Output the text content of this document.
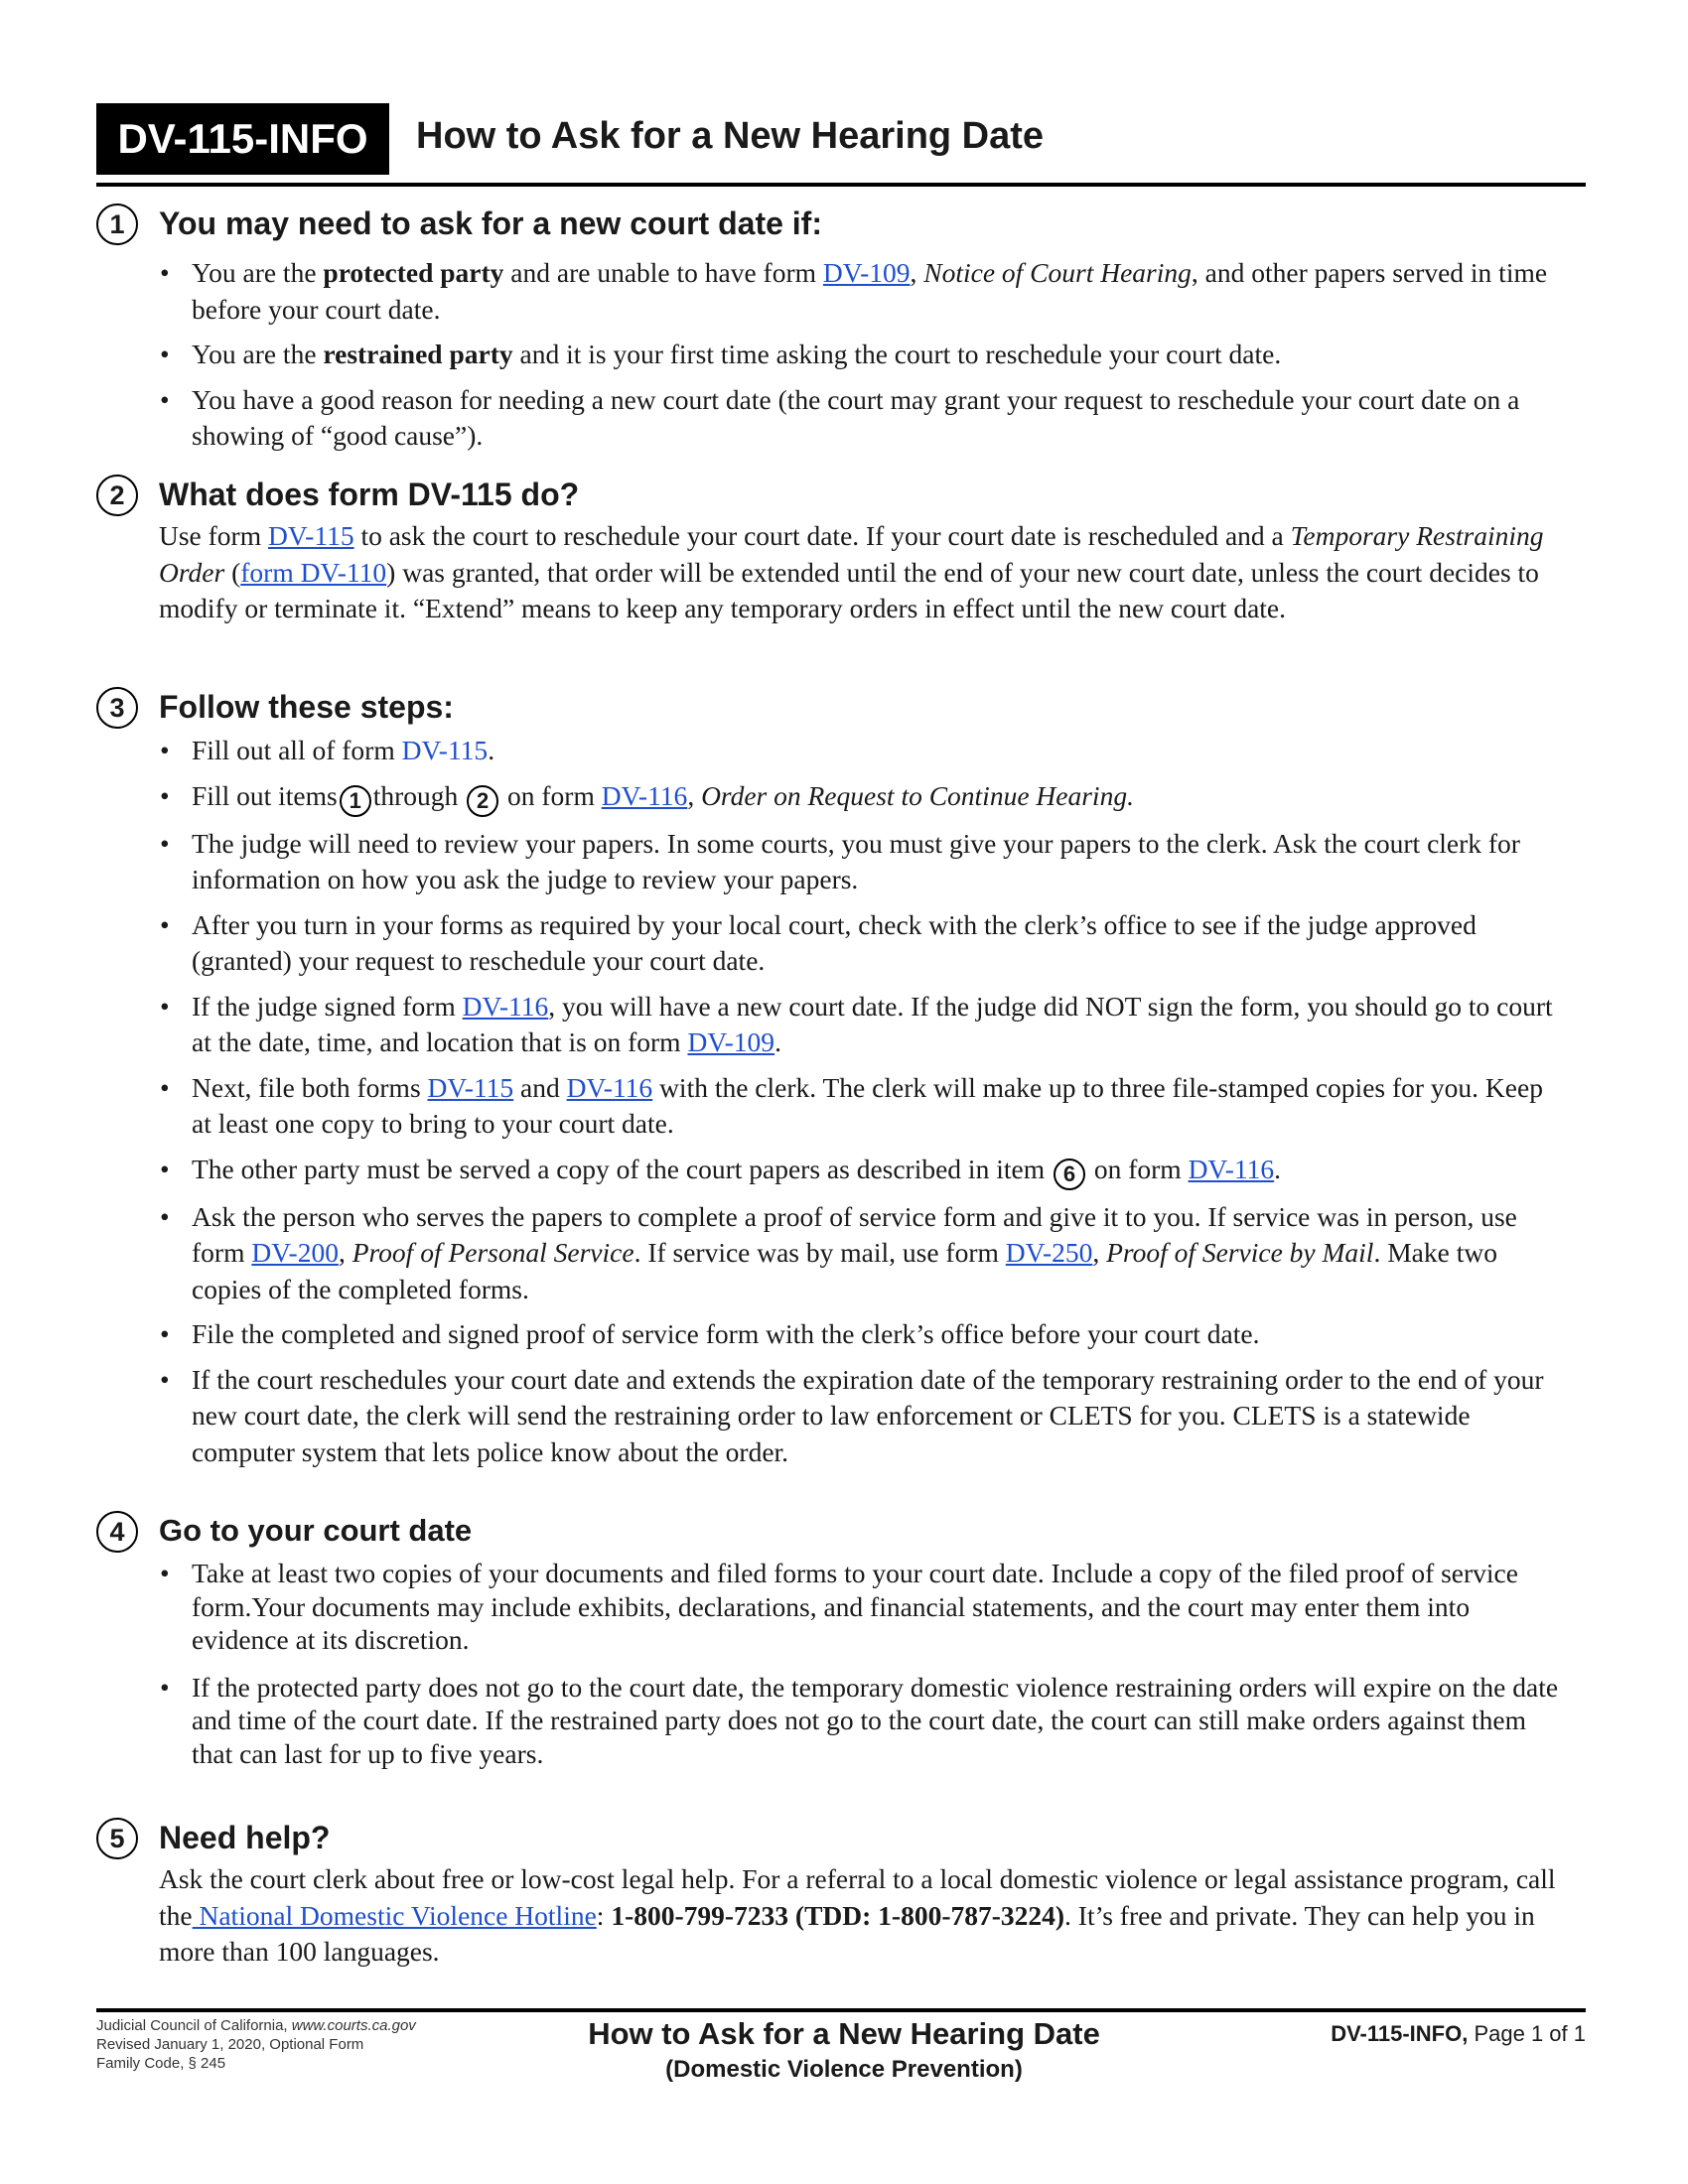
DV-115-INFO	How to Ask for a New Hearing Date
1	You may need to ask for a new court date if:
• You are the protected party and are unable to have form DV-109, Notice of Court Hearing, and other papers served in time before your court date.
• You are the restrained party and it is your first time asking the court to reschedule your court date.
• You have a good reason for needing a new court date (the court may grant your request to reschedule your court date on a showing of “good cause”).
2	What does form DV-115 do?

Use form DV-115 to ask the court to reschedule your court date. If your court date is rescheduled and a Temporary Restraining Order (form DV-110) was granted, that order will be extended until the end of your new court date, unless the court decides to modify or terminate it. “Extend” means to keep any temporary orders in effect until the new court date.

3	Follow these steps:
• Fill out all of form DV-115.
• Fill out items 1 through 2 on form DV-116, Order on Request to Continue Hearing.
• The judge will need to review your papers. In some courts, you must give your papers to the clerk. Ask the court clerk for information on how you ask the judge to review your papers.
• After you turn in your forms as required by your local court, check with the clerk’s office to see if the judge approved (granted) your request to reschedule your court date.
• If the judge signed form DV-116, you will have a new court date. If the judge did NOT sign the form, you should go to court at the date, time, and location that is on form DV-109.
• Next, file both forms DV-115 and DV-116 with the clerk. The clerk will make up to three file-stamped copies for you. Keep at least one copy to bring to your court date.
• The other party must be served a copy of the court papers as described in item 6 on form DV-116.
• Ask the person who serves the papers to complete a proof of service form and give it to you. If service was in person, use form DV-200, Proof of Personal Service. If service was by mail, use form DV-250, Proof of Service by Mail. Make two copies of the completed forms.
• File the completed and signed proof of service form with the clerk’s office before your court date.
• If the court reschedules your court date and extends the expiration date of the temporary restraining order to the end of your new court date, the clerk will send the restraining order to law enforcement or CLETS for you. CLETS is a statewide computer system that lets police know about the order.
4	Go to your court date
• Take at least two copies of your documents and filed forms to your court date. Include a copy of the filed proof of service form.Your documents may include exhibits, declarations, and financial statements, and the court may enter them into evidence at its discretion.
• If the protected party does not go to the court date, the temporary domestic violence restraining orders will expire on the date and time of the court date. If the restrained party does not go to the court date, the court can still make orders against them that can last for up to five years.
5	Need help?

Ask the court clerk about free or low-cost legal help. For a referral to a local domestic violence or legal assistance program, call the National Domestic Violence Hotline: 1-800-799-7233 (TDD: 1-800-787-3224). It’s free and private. They can help you in more than 100 languages.

Judicial Council of California, www.courts.ca.gov
Revised January 1, 2020, Optional Form
Family Code, § 245
How to Ask for a New Hearing Date
(Domestic Violence Prevention)
DV-115-INFO, Page 1 of 1
